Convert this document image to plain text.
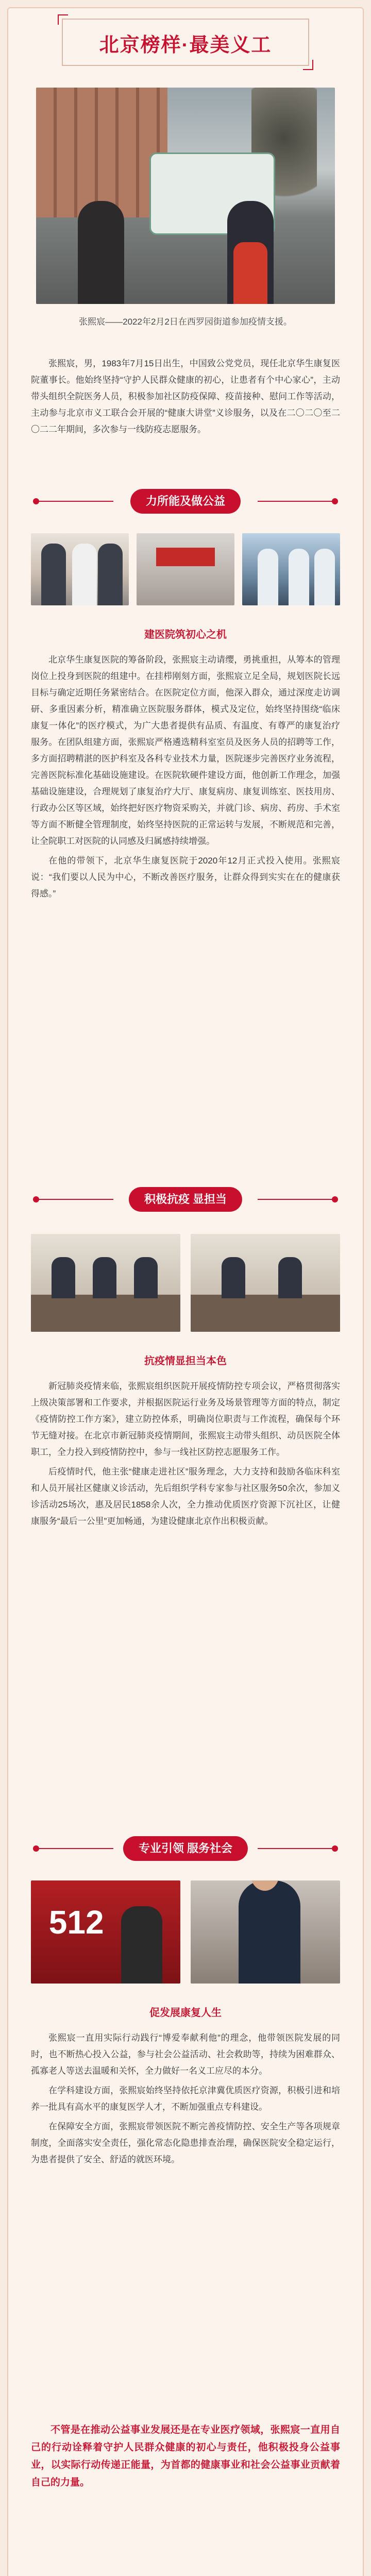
北京榜样·最美义工
张熙宸——2022年2月2日在西罗园街道参加疫情支援。

张熙宸，男，1983年7月15日出生，中国致公党党员，现任北京华生康复医院董事长。他始终坚持“守护人民群众健康的初心，让患者有个中心家心”，主动带头组织全院医务人员，积极参加社区防疫保障、疫苗接种、慰问工作等活动，主动参与北京市义工联合会开展的“健康大讲堂”义诊服务，以及在二〇二〇至二〇二二年期间，多次参与一线防疫志愿服务。

力所能及做公益
建医院筑初心之机

北京华生康复医院的筹备阶段，张熙宸主动请缨，勇挑重担，从筹本的管理岗位上投身到医院的组建中。在挂栉刚刻方面，张熙宸立足全局，规划医院长远目标与确定近期任务紧密结合。在医院定位方面，他深入群众，通过深度走访调研、多重因素分析，精准确立医院服务群体，模式及定位，始终坚持围绕“临床康复一体化”的医疗模式，为广大患者提供有品质、有温度、有尊严的康复治疗服务。在团队组建方面，张熙宸严格遴选精科室室员及医务人员的招聘等工作，多方面招聘精湛的医护科室及各科专业技术力量，医院逐步完善医疗业务流程，完善医院标准化基础设施建设。在医院软硬件建设方面，他创新工作理念，加强基础设施建设，合理规划了康复治疗大厅、康复病房、康复训练室、医技用房、行政办公区等区域，始终把好医疗物资采购关，并就门诊、病房、药房、手术室等方面不断健全管理制度，始终坚持医院的正常运转与发展，不断规范和完善，让全院职工对医院的认同感及归属感持续增强。

在他的带领下，北京华生康复医院于2020年12月正式投入使用。张熙宸说：“我们要以人民为中心，不断改善医疗服务，让群众得到实实在在的健康获得感。”

积极抗疫 显担当
抗疫情显担当本色

新冠肺炎疫情来临，张熙宸组织医院开展疫情防控专项会议，严格贯彻落实上级决策部署和工作要求，并根据医院运行业务及场景管理等方面的特点，制定《疫情防控工作方案》，建立防控体系，明确岗位职责与工作流程，确保每个环节无缝对接。在北京市新冠肺炎疫情期间，张熙宸主动带头组织、动员医院全体职工，全力投入到疫情防控中，参与一线社区防控志愿服务工作。

后疫情时代，他主张“健康走进社区”服务理念，大力支持和鼓励各临床科室和人员开展社区健康义诊活动，先后组织学科专家参与社区服务50余次，参加义诊活动25场次，惠及居民1858余人次，全力推动优质医疗资源下沉社区，让健康服务“最后一公里”更加畅通，为建设健康北京作出积极贡献。

专业引领 服务社会
512
促发展康复人生

张熙宸一直用实际行动践行“博爱奉献利他”的理念，他带领医院发展的同时，也不断热心投入公益，参与社会公益活动、社会救助等，持续为困难群众、孤寡老人等送去温暖和关怀，全力做好一名义工应尽的本分。

在学科建设方面，张熙宸始终坚持依托京津冀优质医疗资源，积极引进和培养一批具有高水平的康复医学人才，不断加强重点专科建设。

在保障安全方面，张熙宸带领医院不断完善疫情防控、安全生产等各项规章制度，全面落实安全责任，强化常态化隐患排查治理，确保医院安全稳定运行，为患者提供了安全、舒适的就医环境。

不管是在推动公益事业发展还是在专业医疗领域，张熙宸一直用自己的行动诠释着守护人民群众健康的初心与责任，他积极投身公益事业，以实际行动传递正能量，为首都的健康事业和社会公益事业贡献着自己的力量。
